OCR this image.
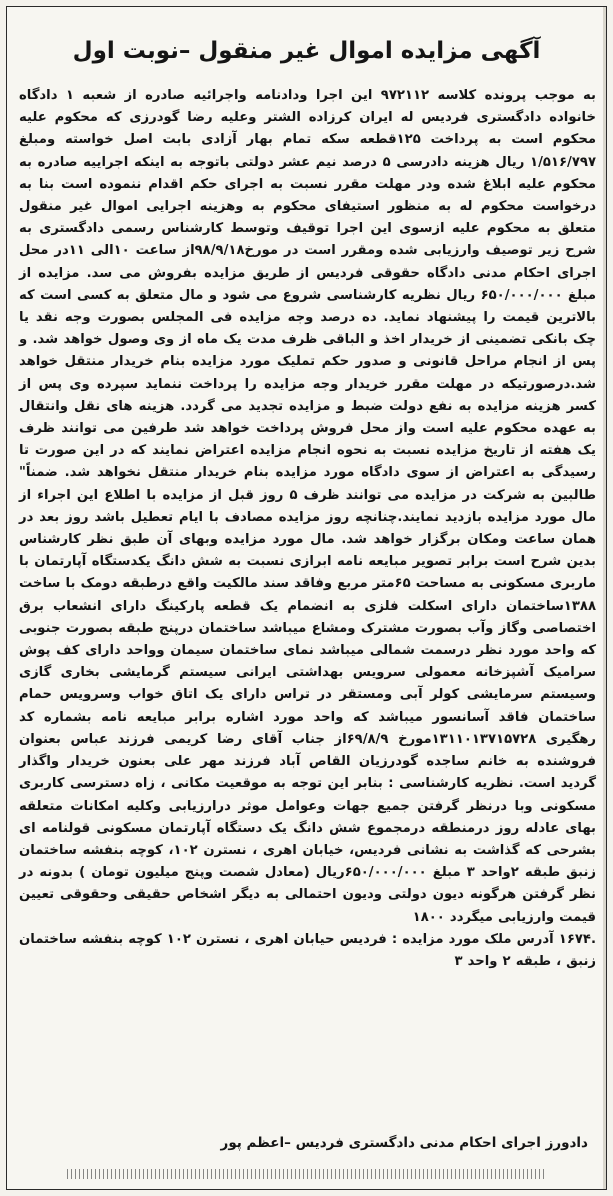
آگهی مزایده اموال غیر منقول –نوبت اول

به موجب پرونده کلاسه ۹۷۲۱۱۲ این اجرا ودادنامه واجرائیه صادره از شعبه ۱ دادگاه خانواده دادگستری فردیس له ایران کرزاده الشتر وعلیه رضا گودرزی که محکوم علیه محکوم است به پرداخت ۱۲۵قطعه سکه تمام بهار آزادی بابت اصل خواسته ومبلغ ۱/۵۱۶/۷۹۷ ریال هزینه دادرسی ۵ درصد نیم عشر دولتی باتوجه به اینکه اجراییه صادره به محکوم علیه ابلاغ شده ودر مهلت مقرر نسبت به اجرای حکم اقدام ننموده است بنا به درخواست محکوم له به منظور استیفای محکوم به وهزینه اجرایی اموال غیر منقول متعلق به محکوم علیه ازسوی این اجرا توقیف وتوسط کارشناس رسمی دادگستری به شرح زیر توصیف وارزیابی شده ومقرر است در مورخ۹۸/۹/۱۸از ساعت ۱۰الی ۱۱در محل اجرای احکام مدنی دادگاه حقوقی فردیس از طریق مزایده بفروش می سد. مزایده از مبلغ ۶۵۰/۰۰۰/۰۰۰ ریال نظریه کارشناسی شروع می شود و مال متعلق به کسی است که بالاترین قیمت را پیشنهاد نماید. ده درصد وجه مزایده فی المجلس بصورت وجه نقد یا چک بانکی تضمینی از خریدار اخذ و الباقی ظرف مدت یک ماه از وی وصول خواهد شد. و پس از انجام مراحل قانونی و صدور حکم تملیک مورد مزایده بنام خریدار منتقل خواهد شد.درصورتیکه در مهلت مقرر خریدار وجه مزایده را پرداخت ننماید سپرده وی پس از کسر هزینه مزایده به نفع دولت ضبط و مزایده تجدید می گردد. هزینه های نقل وانتقال به عهده محکوم علیه است واز محل فروش پرداخت خواهد شد طرفین می توانند ظرف یک هفته از تاریخ مزایده نسبت به نحوه انجام مزایده اعتراض نمایند که در این صورت تا رسیدگی به اعتراض از سوی دادگاه مورد مزایده بنام خریدار منتقل نخواهد شد. ضمناً" طالبین به شرکت در مزایده می توانند ظرف ۵ روز قبل از مزایده با اطلاع این اجراء از مال مورد مزایده بازدید نمایند.چنانچه روز مزایده مصادف با ایام تعطیل باشد روز بعد در همان ساعت ومکان برگزار خواهد شد. مال مورد مزایده وبهای آن طبق نظر کارشناس بدین شرح است برابر تصویر مبایعه نامه ابرازی نسبت به شش دانگ یکدستگاه آپارتمان با ماربری مسکونی به مساحت ۶۵متر مربع وفاقد سند مالکیت واقع درطبقه دومک با ساخت ۱۳۸۸ساختمان دارای اسکلت فلزی به انضمام یک قطعه پارکینگ دارای انشعاب برق اختصاصی وگاز وآب بصورت مشترک ومشاع میباشد ساختمان درپنج طبقه بصورت جنوبی که واحد مورد نظر درسمت شمالی میباشد نمای ساختمان سیمان وواحد دارای کف پوش سرامیک آشپزخانه معمولی سرویس بهداشتی ایرانی سیستم گرمایشی بخاری گازی وسیستم سرمایشی کولر آبی ومستقر در تراس دارای یک اتاق خواب وسرویس حمام ساختمان فاقد آسانسور میباشد که واحد مورد اشاره برابر مبایعه نامه بشماره کد رهگیری ۱۳۱۱۰۱۳۷۱۵۷۲۸مورخ ۶۹/۸/۹از جناب آقای رضا کریمی فرزند عباس بعنوان فروشنده به خانم ساجده گودرزیان القاص آباد فرزند مهر علی بعنون خریدار واگذار گردید است. نظریه کارشناسی : بنابر این توجه به موقعیت مکانی ، زاه دسترسی کاربری مسکونی وبا درنظر گرفتن جمیع جهات وعوامل موثر درارزیابی وکلیه امکانات متعلقه بهای عادله روز درمنطقه درمجموع شش دانگ یک دستگاه آپارتمان مسکونی قولنامه ای بشرحی که گذاشت به نشانی فردیس، خیابان اهری ، نسترن ۱۰۲، کوچه بنفشه ساختمان زنبق طبقه ۲واحد ۳ مبلغ ۶۵۰/۰۰۰/۰۰۰ریال (معادل شصت وپنج میلیون تومان ) بدونه در نظر گرفتن هرگونه دیون دولتی ودیون احتمالی به دیگر اشخاص حقیقی وحقوقی تعیین قیمت وارزیابی میگردد ۱۸۰۰

.۱۶۷۴ آدرس ملک مورد مزایده : فردیس حیابان اهری ، نسترن ۱۰۲ کوچه بنفشه ساختمان زنبق ، طبقه ۲ واحد ۳

دادورز اجرای احکام مدنی دادگستری فردیس –اعظم پور
